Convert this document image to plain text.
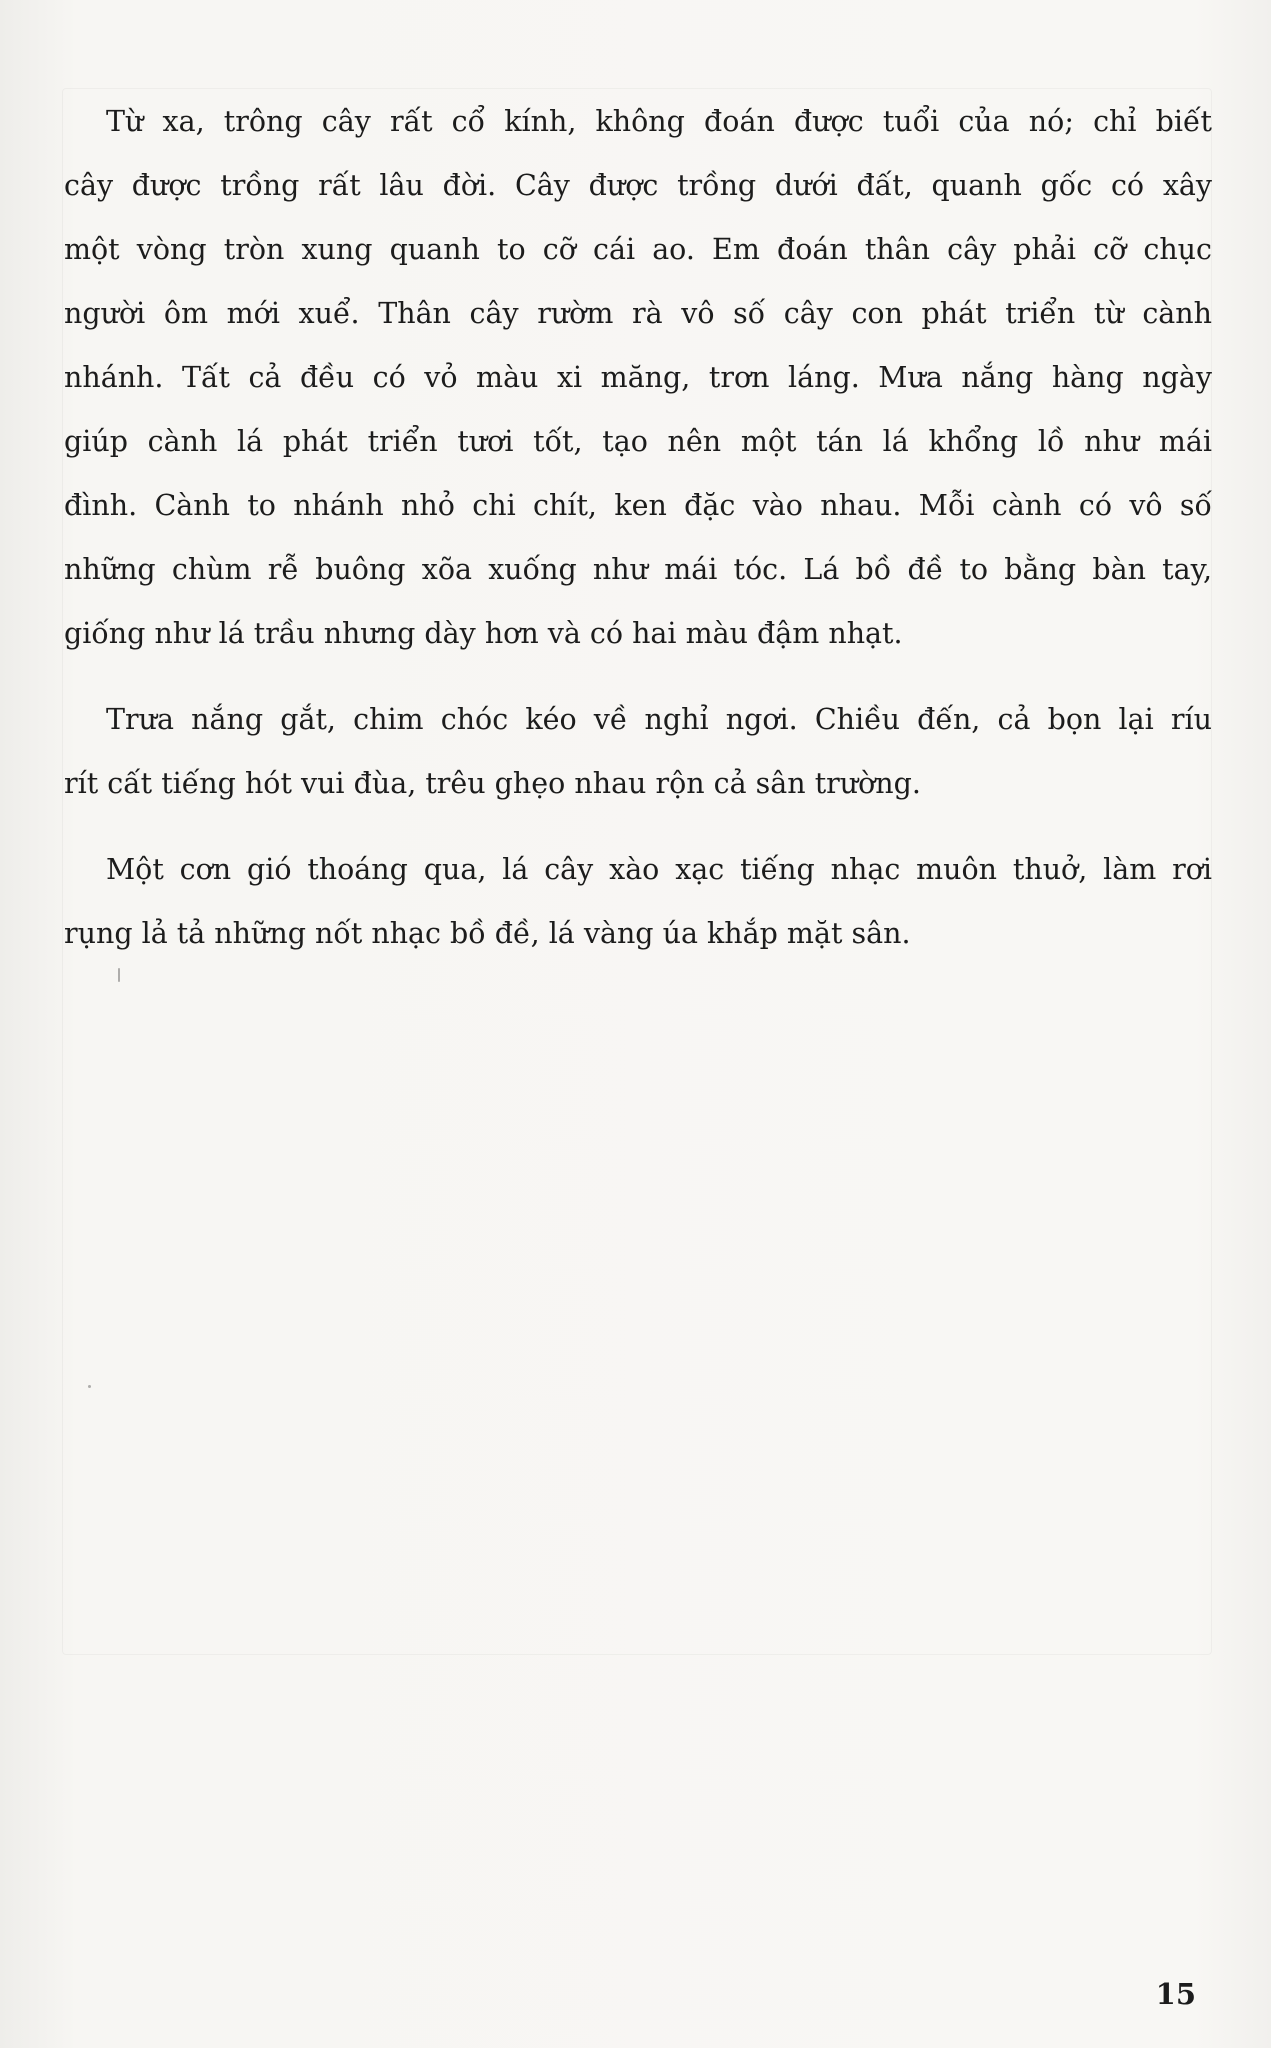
Từ xa, trông cây rất cổ kính, không đoán được tuổi của nó; chỉ biết
cây được trồng rất lâu đời. Cây được trồng dưới đất, quanh gốc có xây
một vòng tròn xung quanh to cỡ cái ao. Em đoán thân cây phải cỡ chục
người ôm mới xuể. Thân cây rườm rà vô số cây con phát triển từ cành
nhánh. Tất cả đều có vỏ màu xi măng, trơn láng. Mưa nắng hàng ngày
giúp cành lá phát triển tươi tốt, tạo nên một tán lá khổng lồ như mái
đình. Cành to nhánh nhỏ chi chít, ken đặc vào nhau. Mỗi cành có vô số
những chùm rễ buông xõa xuống như mái tóc. Lá bồ đề to bằng bàn tay,
giống như lá trầu nhưng dày hơn và có hai màu đậm nhạt.

Trưa nắng gắt, chim chóc kéo về nghỉ ngơi. Chiều đến, cả bọn lại ríu
rít cất tiếng hót vui đùa, trêu ghẹo nhau rộn cả sân trường.

Một cơn gió thoáng qua, lá cây xào xạc tiếng nhạc muôn thuở, làm rơi
rụng lả tả những nốt nhạc bồ đề, lá vàng úa khắp mặt sân.

15
